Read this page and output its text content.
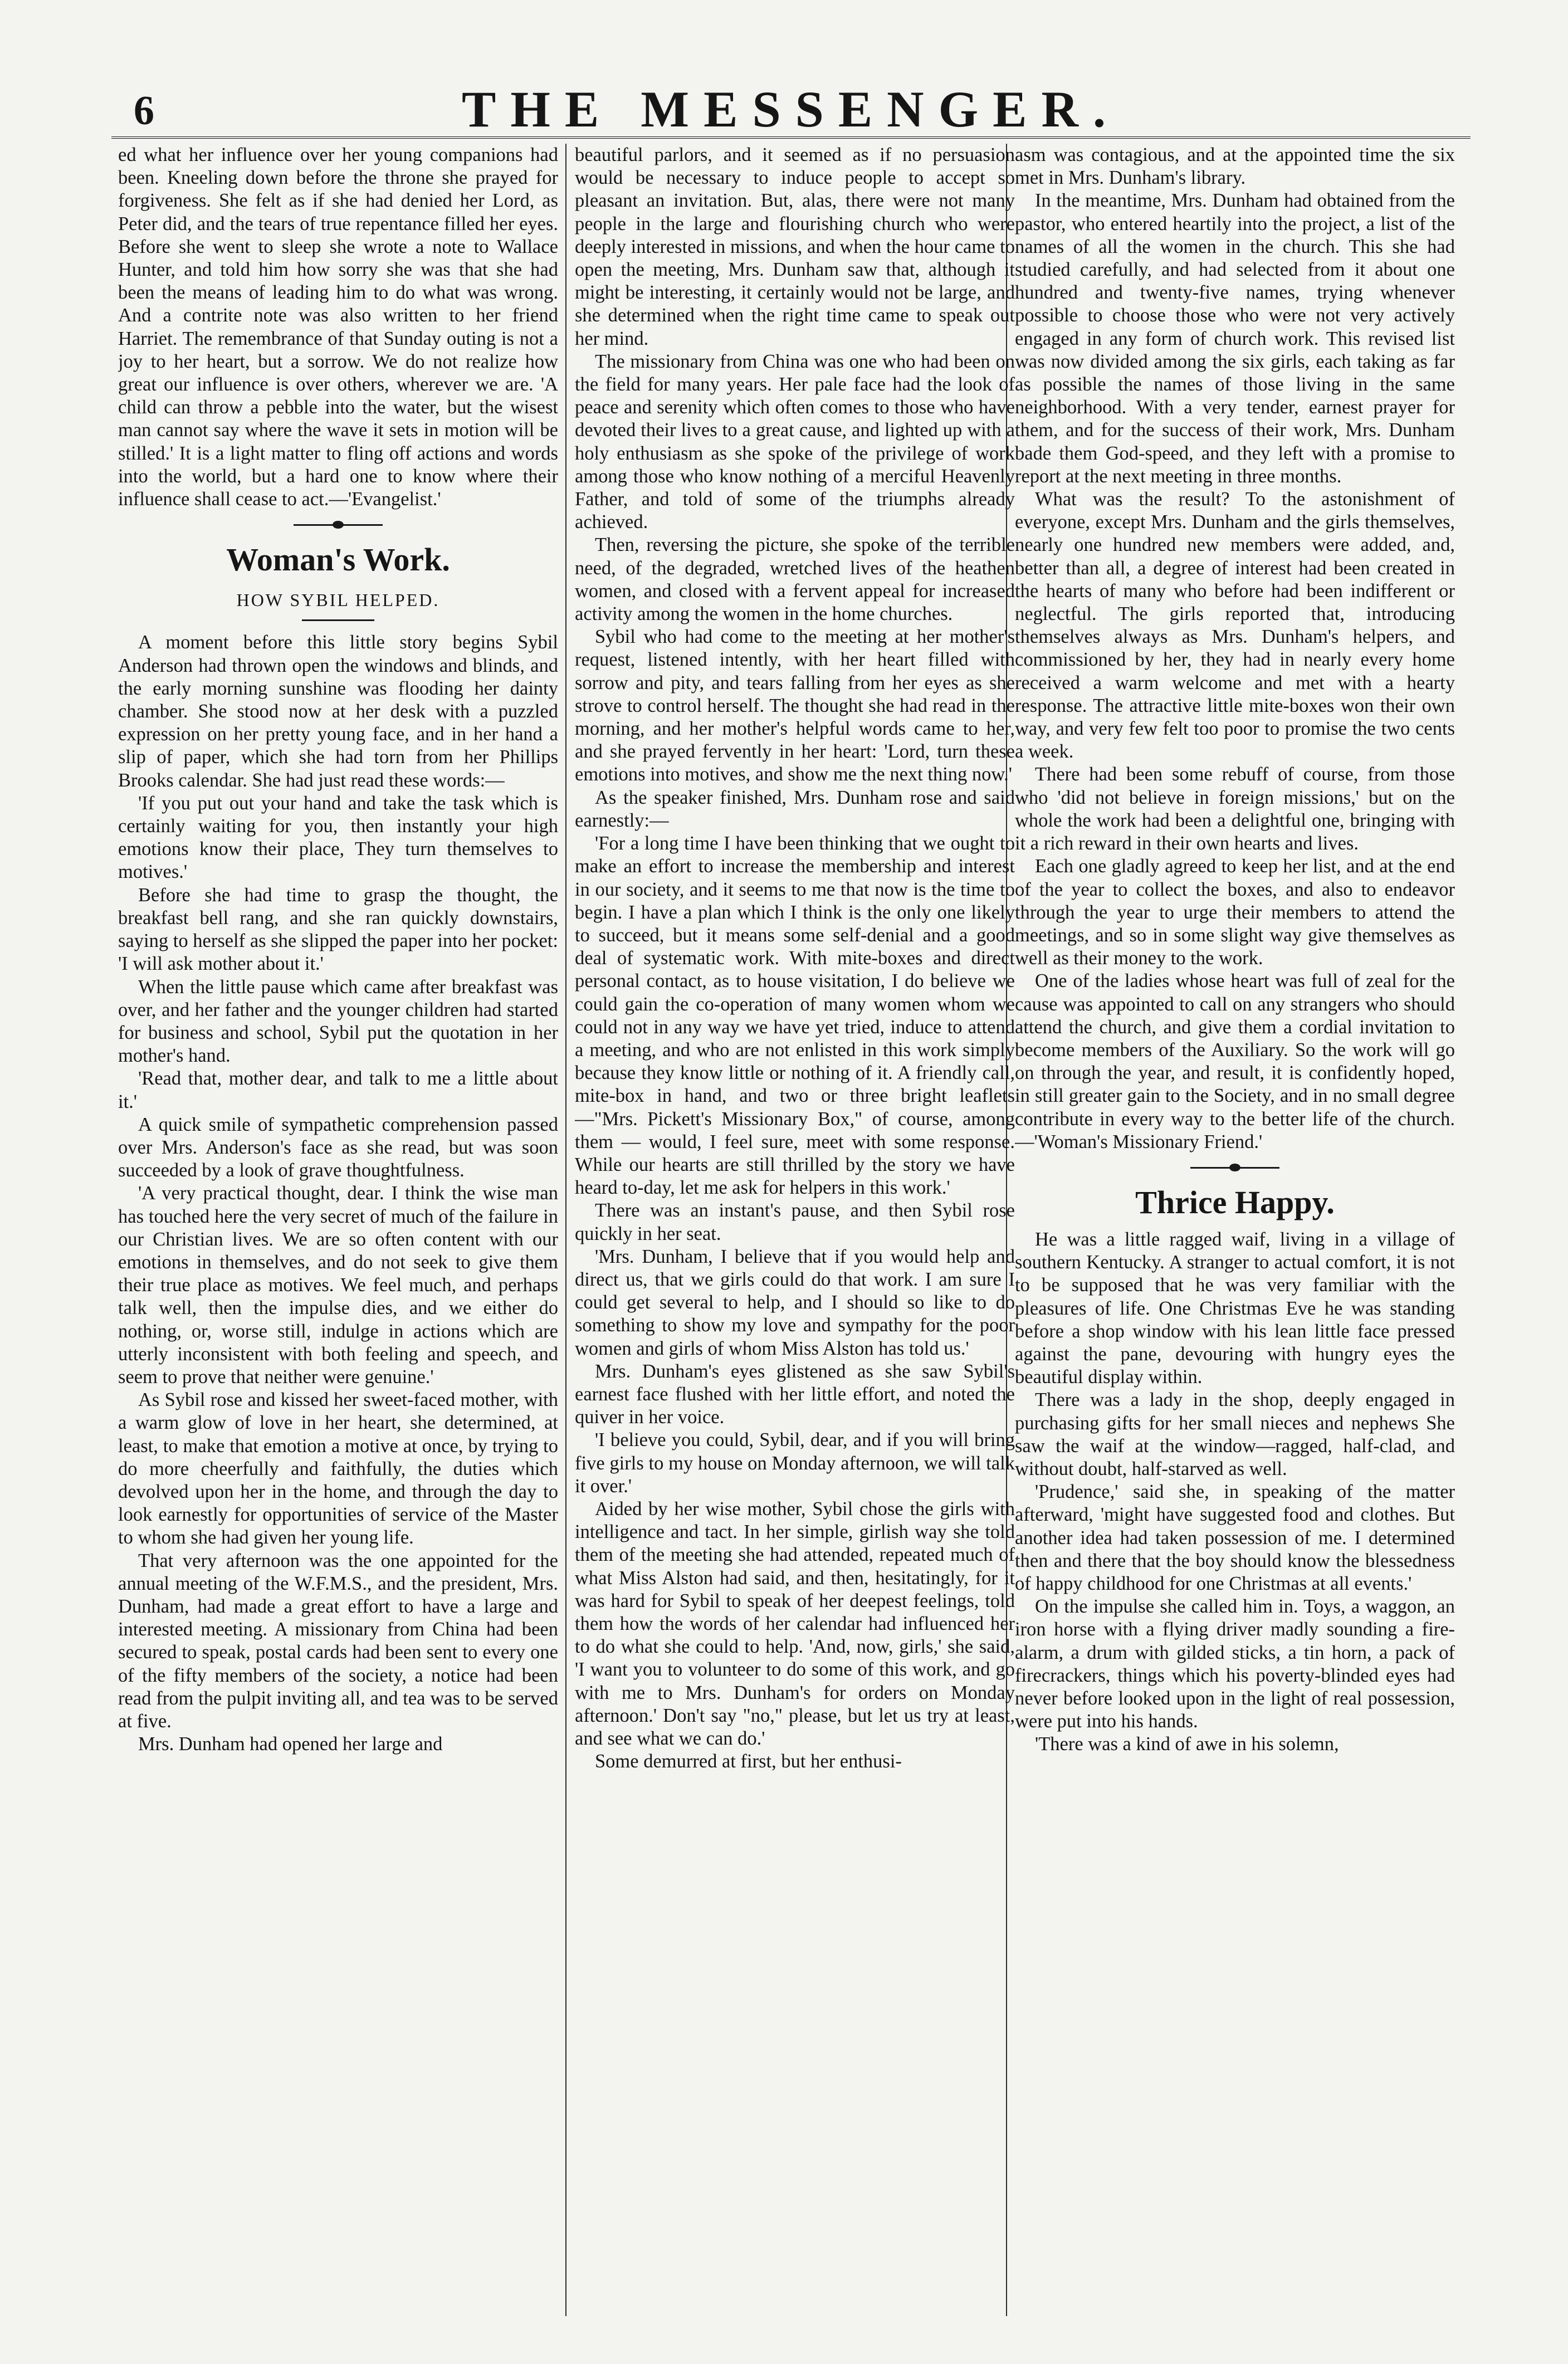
6	THE MESSENGER.

ed what her influence over her young companions had been. Kneeling down before the throne she prayed for forgiveness. She felt as if she had denied her Lord, as Peter did, and the tears of true repentance filled her eyes. Before she went to sleep she wrote a note to Wallace Hunter, and told him how sorry she was that she had been the means of leading him to do what was wrong. And a contrite note was also written to her friend Harriet. The remembrance of that Sunday outing is not a joy to her heart, but a sorrow. We do not realize how great our influence is over others, wherever we are. 'A child can throw a pebble into the water, but the wisest man cannot say where the wave it sets in motion will be stilled.' It is a light matter to fling off actions and words into the world, but a hard one to know where their influence shall cease to act.—'Evangelist.'

Woman's Work.
HOW SYBIL HELPED.

A moment before this little story begins Sybil Anderson had thrown open the windows and blinds, and the early morning sunshine was flooding her dainty chamber. She stood now at her desk with a puzzled expression on her pretty young face, and in her hand a slip of paper, which she had torn from her Phillips Brooks calendar. She had just read these words:—

'If you put out your hand and take the task which is certainly waiting for you, then instantly your high emotions know their place, They turn themselves to motives.'

Before she had time to grasp the thought, the breakfast bell rang, and she ran quickly downstairs, saying to herself as she slipped the paper into her pocket: 'I will ask mother about it.'

When the little pause which came after breakfast was over, and her father and the younger children had started for business and school, Sybil put the quotation in her mother's hand.

'Read that, mother dear, and talk to me a little about it.'

A quick smile of sympathetic comprehension passed over Mrs. Anderson's face as she read, but was soon succeeded by a look of grave thoughtfulness.

'A very practical thought, dear. I think the wise man has touched here the very secret of much of the failure in our Christian lives. We are so often content with our emotions in themselves, and do not seek to give them their true place as motives. We feel much, and perhaps talk well, then the impulse dies, and we either do nothing, or, worse still, indulge in actions which are utterly inconsistent with both feeling and speech, and seem to prove that neither were genuine.'

As Sybil rose and kissed her sweet-faced mother, with a warm glow of love in her heart, she determined, at least, to make that emotion a motive at once, by trying to do more cheerfully and faithfully, the duties which devolved upon her in the home, and through the day to look earnestly for opportunities of service of the Master to whom she had given her young life.

That very afternoon was the one appointed for the annual meeting of the W.F.M.S., and the president, Mrs. Dunham, had made a great effort to have a large and interested meeting. A missionary from China had been secured to speak, postal cards had been sent to every one of the fifty members of the society, a notice had been read from the pulpit inviting all, and tea was to be served at five.

Mrs. Dunham had opened her large and

beautiful parlors, and it seemed as if no persuasion would be necessary to induce people to accept so pleasant an invitation. But, alas, there were not many people in the large and flourishing church who were deeply interested in missions, and when the hour came to open the meeting, Mrs. Dunham saw that, although it might be interesting, it certainly would not be large, and she determined when the right time came to speak out her mind.

The missionary from China was one who had been on the field for many years. Her pale face had the look of peace and serenity which often comes to those who have devoted their lives to a great cause, and lighted up with a holy enthusiasm as she spoke of the privilege of work among those who know nothing of a merciful Heavenly Father, and told of some of the triumphs already achieved.

Then, reversing the picture, she spoke of the terrible need, of the degraded, wretched lives of the heathen women, and closed with a fervent appeal for increased activity among the women in the home churches.

Sybil who had come to the meeting at her mother's request, listened intently, with her heart filled with sorrow and pity, and tears falling from her eyes as she strove to control herself. The thought she had read in the morning, and her mother's helpful words came to her, and she prayed fervently in her heart: 'Lord, turn these emotions into motives, and show me the next thing now.'

As the speaker finished, Mrs. Dunham rose and said earnestly:—

'For a long time I have been thinking that we ought to make an effort to increase the membership and interest in our society, and it seems to me that now is the time to begin. I have a plan which I think is the only one likely to succeed, but it means some self-denial and a good deal of systematic work. With mite-boxes and direct personal contact, as to house visitation, I do believe we could gain the co-operation of many women whom we could not in any way we have yet tried, induce to attend a meeting, and who are not enlisted in this work simply because they know little or nothing of it. A friendly call, mite-box in hand, and two or three bright leaflets—"Mrs. Pickett's Missionary Box," of course, among them — would, I feel sure, meet with some response. While our hearts are still thrilled by the story we have heard to-day, let me ask for helpers in this work.'

There was an instant's pause, and then Sybil rose quickly in her seat.

'Mrs. Dunham, I believe that if you would help and direct us, that we girls could do that work. I am sure I could get several to help, and I should so like to do something to show my love and sympathy for the poor women and girls of whom Miss Alston has told us.'

Mrs. Dunham's eyes glistened as she saw Sybil's earnest face flushed with her little effort, and noted the quiver in her voice.

'I believe you could, Sybil, dear, and if you will bring five girls to my house on Monday afternoon, we will talk it over.'

Aided by her wise mother, Sybil chose the girls with intelligence and tact. In her simple, girlish way she told them of the meeting she had attended, repeated much of what Miss Alston had said, and then, hesitatingly, for it was hard for Sybil to speak of her deepest feelings, told them how the words of her calendar had influenced her to do what she could to help. 'And, now, girls,' she said, 'I want you to volunteer to do some of this work, and go with me to Mrs. Dunham's for orders on Monday afternoon.' Don't say "no," please, but let us try at least, and see what we can do.'

Some demurred at first, but her enthusi-

asm was contagious, and at the appointed time the six met in Mrs. Dunham's library.

In the meantime, Mrs. Dunham had obtained from the pastor, who entered heartily into the project, a list of the names of all the women in the church. This she had studied carefully, and had selected from it about one hundred and twenty-five names, trying whenever possible to choose those who were not very actively engaged in any form of church work. This revised list was now divided among the six girls, each taking as far as possible the names of those living in the same neighborhood. With a very tender, earnest prayer for them, and for the success of their work, Mrs. Dunham bade them God-speed, and they left with a promise to report at the next meeting in three months.

What was the result? To the astonishment of everyone, except Mrs. Dunham and the girls themselves, nearly one hundred new members were added, and, better than all, a degree of interest had been created in the hearts of many who before had been indifferent or neglectful. The girls reported that, introducing themselves always as Mrs. Dunham's helpers, and commissioned by her, they had in nearly every home received a warm welcome and met with a hearty response. The attractive little mite-boxes won their own way, and very few felt too poor to promise the two cents a week.

There had been some rebuff of course, from those who 'did not believe in foreign missions,' but on the whole the work had been a delightful one, bringing with it a rich reward in their own hearts and lives.

Each one gladly agreed to keep her list, and at the end of the year to collect the boxes, and also to endeavor through the year to urge their members to attend the meetings, and so in some slight way give themselves as well as their money to the work.

One of the ladies whose heart was full of zeal for the cause was appointed to call on any strangers who should attend the church, and give them a cordial invitation to become members of the Auxiliary. So the work will go on through the year, and result, it is confidently hoped, in still greater gain to the Society, and in no small degree contribute in every way to the better life of the church.—'Woman's Missionary Friend.'

Thrice Happy.

He was a little ragged waif, living in a village of southern Kentucky. A stranger to actual comfort, it is not to be supposed that he was very familiar with the pleasures of life. One Christmas Eve he was standing before a shop window with his lean little face pressed against the pane, devouring with hungry eyes the beautiful display within.

There was a lady in the shop, deeply engaged in purchasing gifts for her small nieces and nephews She saw the waif at the window—ragged, half-clad, and without doubt, half-starved as well.

'Prudence,' said she, in speaking of the matter afterward, 'might have suggested food and clothes. But another idea had taken possession of me. I determined then and there that the boy should know the blessedness of happy childhood for one Christmas at all events.'

On the impulse she called him in. Toys, a waggon, an iron horse with a flying driver madly sounding a fire-alarm, a drum with gilded sticks, a tin horn, a pack of firecrackers, things which his poverty-blinded eyes had never before looked upon in the light of real possession, were put into his hands.

'There was a kind of awe in his solemn,
